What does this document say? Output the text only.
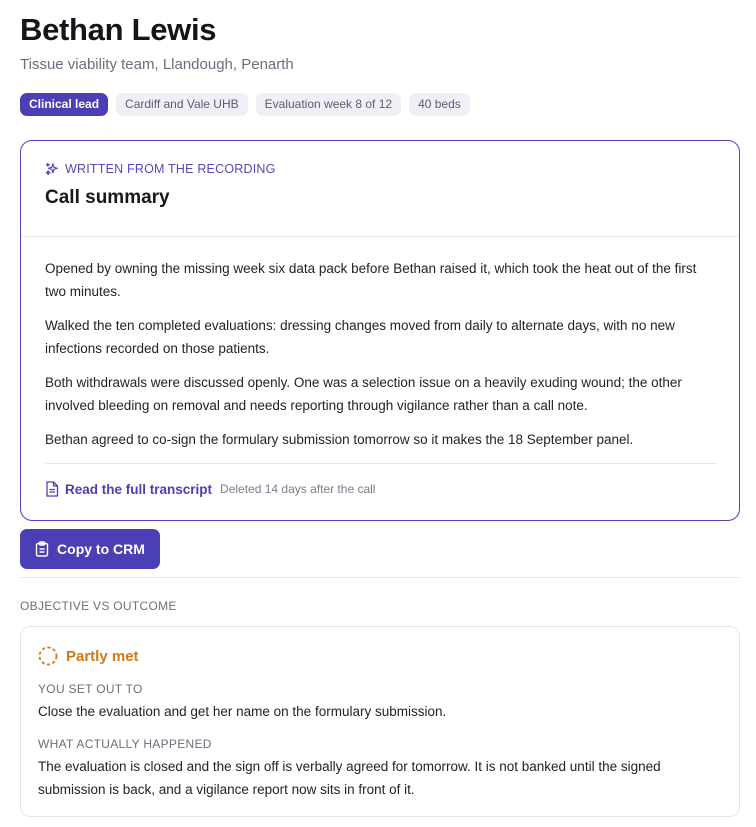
Bethan Lewis
Tissue viability team, Llandough, Penarth
Clinical lead	Cardiff and Vale UHB	Evaluation week 8 of 12	40 beds
WRITTEN FROM THE RECORDING
Call summary

Opened by owning the missing week six data pack before Bethan raised it, which took the heat out of the first two minutes.

Walked the ten completed evaluations: dressing changes moved from daily to alternate days, with no new infections recorded on those patients.

Both withdrawals were discussed openly. One was a selection issue on a heavily exuding wound; the other involved bleeding on removal and needs reporting through vigilance rather than a call note.

Bethan agreed to co-sign the formulary submission tomorrow so it makes the 18 September panel.

Read the full transcript Deleted 14 days after the call
Copy to CRM
OBJECTIVE VS OUTCOME
Partly met
YOU SET OUT TO
Close the evaluation and get her name on the formulary submission.
WHAT ACTUALLY HAPPENED
The evaluation is closed and the sign off is verbally agreed for tomorrow. It is not banked until the signed submission is back, and a vigilance report now sits in front of it.
